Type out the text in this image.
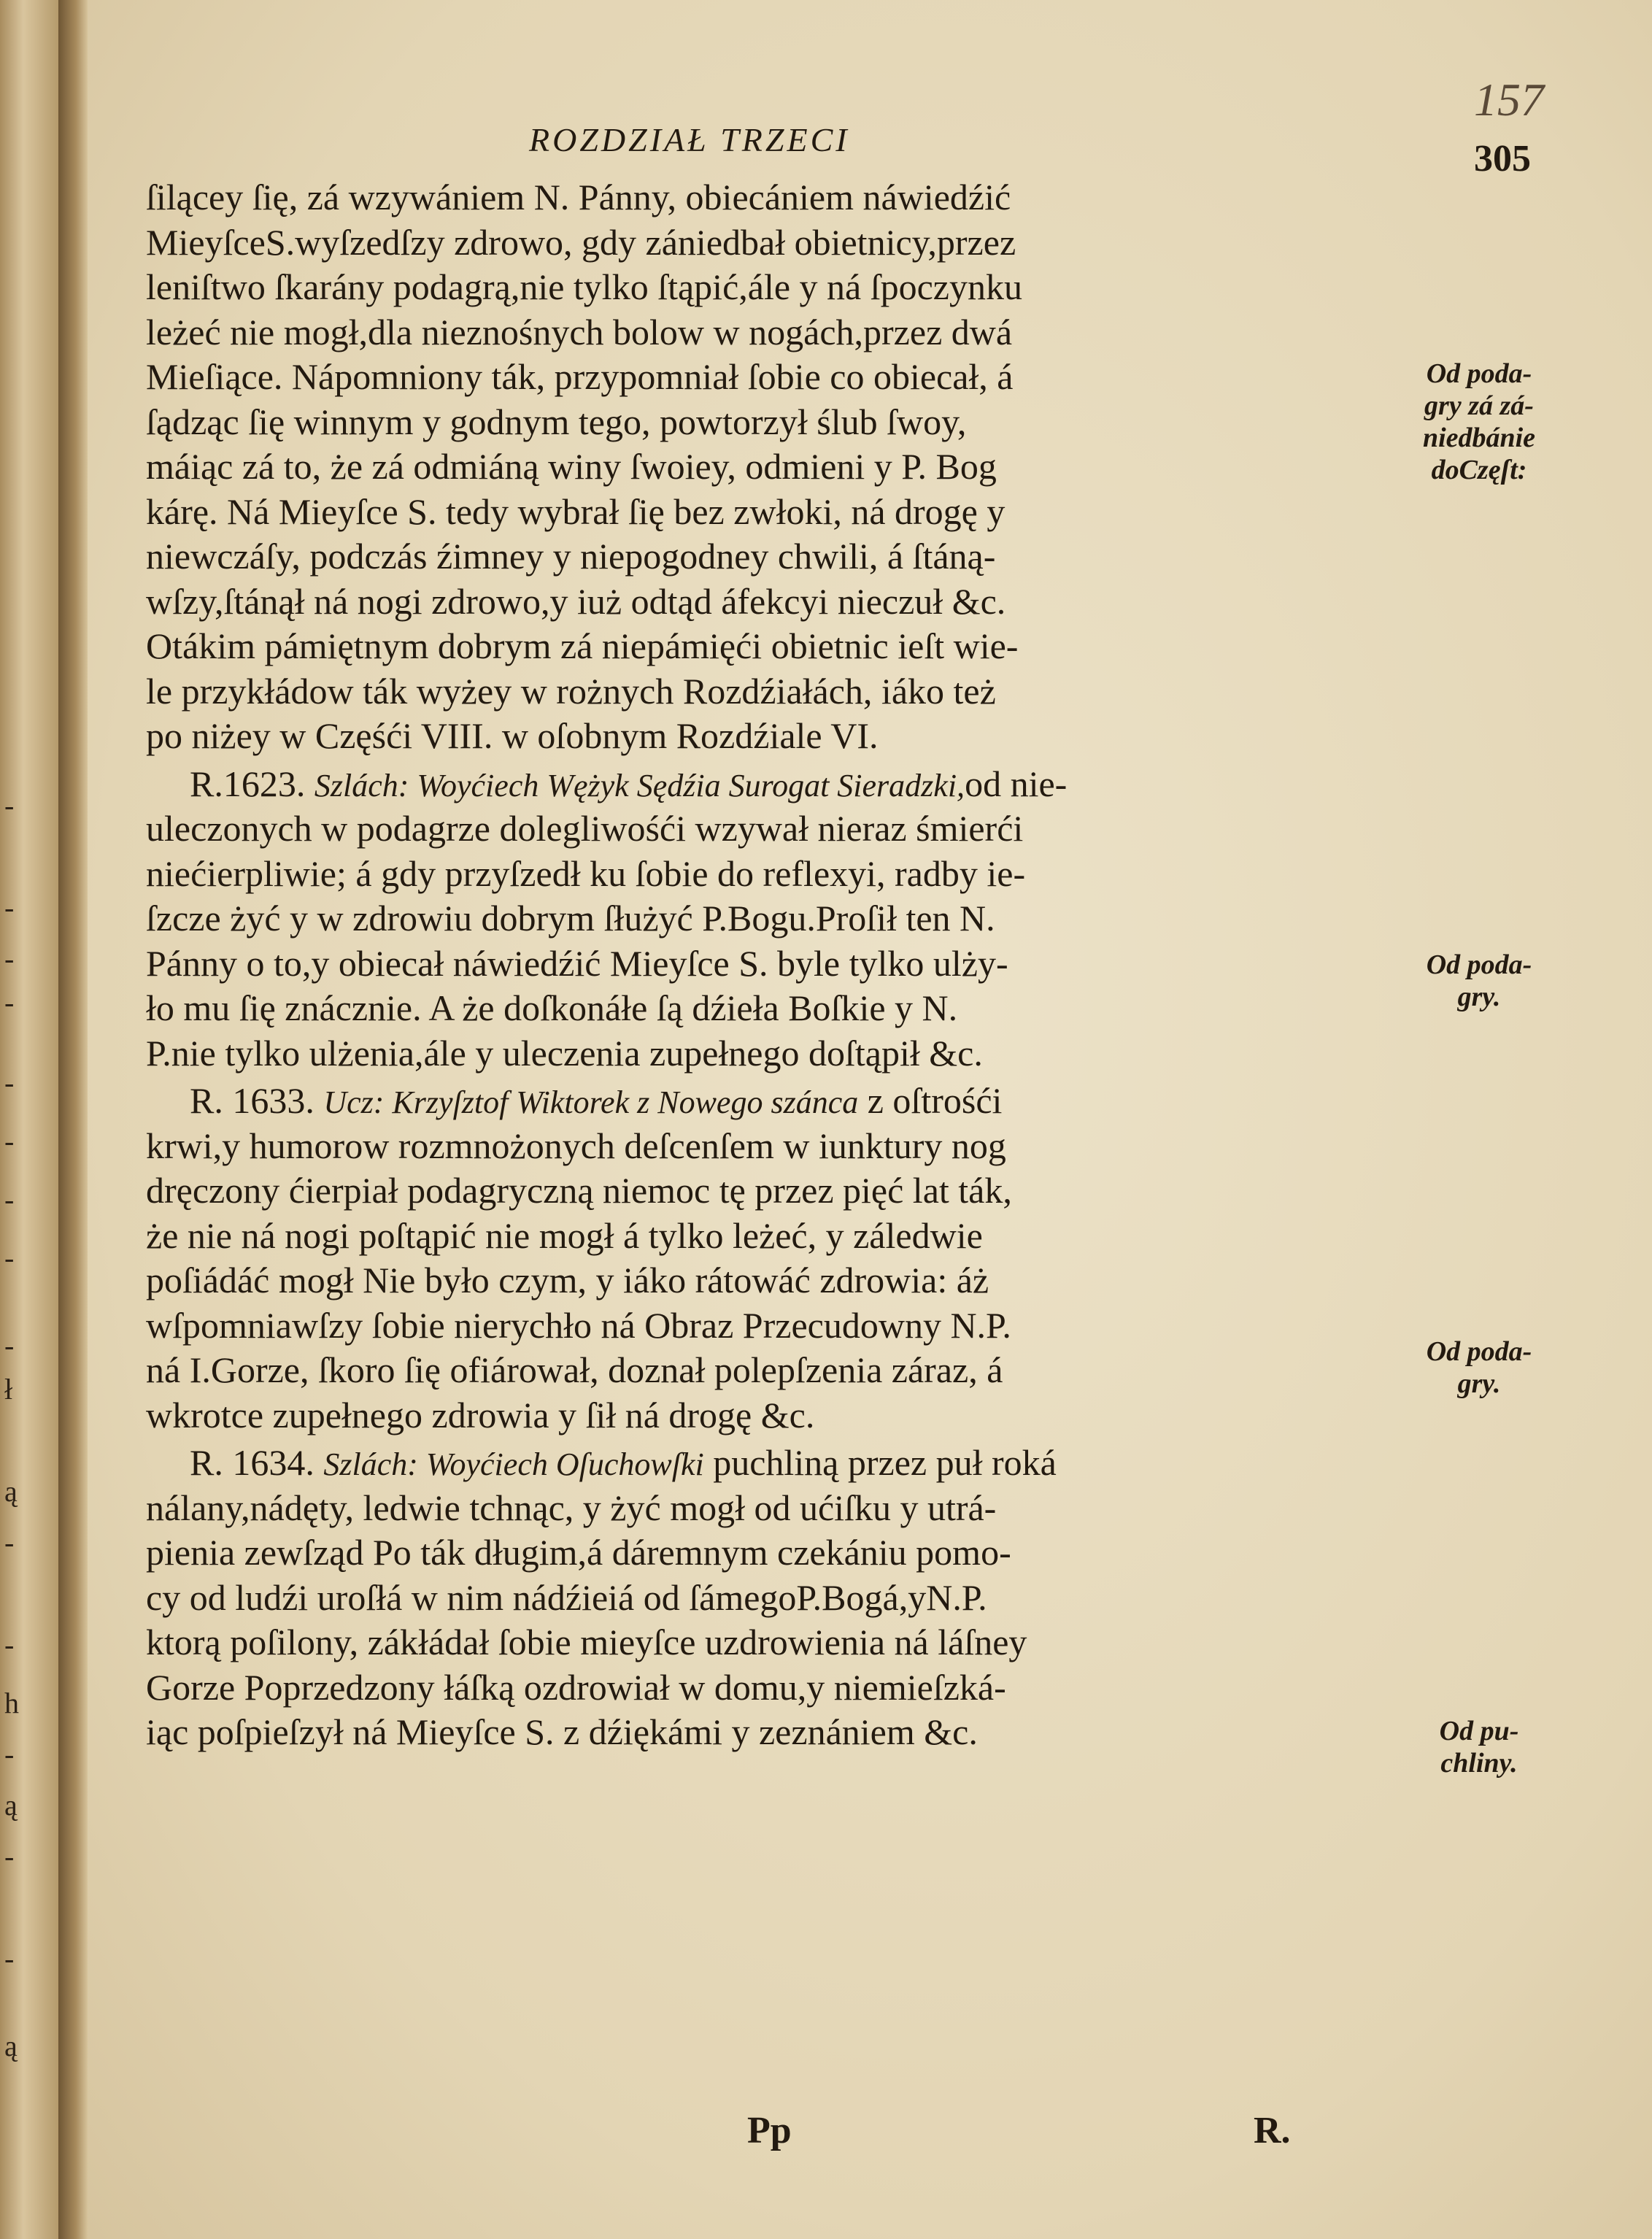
-
-
-
-
-
-
-
-
-
ł
ą
-
-
h
-
ą
-
-
ą
157
305
ROZDZIAŁ TRZECI
ſilącey ſię, zá wzywániem N. Pánny, obiecániem náwiedźić
MieyſceS.wyſzedſzy zdrowo, gdy zániedbał obietnicy,przez
leniſtwo ſkarány podagrą,nie tylko ſtąpić,ále y ná ſpoczynku
leżeć nie mogł,dla nieznośnych bolow w nogách,przez dwá
Mieſiące. Nápomniony ták, przypomniał ſobie co obiecał, á
ſądząc ſię winnym y godnym tego, powtorzył ślub ſwoy,
máiąc zá to, że zá odmiáną winy ſwoiey, odmieni y P. Bog
kárę. Ná Mieyſce S. tedy wybrał ſię bez zwłoki, ná drogę y
niewczáſy, podczás źimney y niepogodney chwili, á ſtáną-
wſzy,ſtánął ná nogi zdrowo,y iuż odtąd áfekcyi nieczuł &c.
Otákim pámiętnym dobrym zá niepámięći obietnic ieſt wie-
le przykłádow ták wyżey w rożnych Rozdźiałách, iáko też
po niżey w Częśći VIII. w oſobnym Rozdźiale VI.
R.1623. Szlách: Woyćiech Wężyk Sędźia Surogat Sieradzki,od nie-
uleczonych w podagrze dolegliwośći wzywał nieraz śmierći
niećierpliwie; á gdy przyſzedł ku ſobie do reflexyi, radby ie-
ſzcze żyć y w zdrowiu dobrym ſłużyć P.Bogu.Proſił ten N.
Pánny o to,y obiecał náwiedźić Mieyſce S. byle tylko ulży-
ło mu ſię znácznie. A że doſkonáłe ſą dźieła Boſkie y N.
P.nie tylko ulżenia,ále y uleczenia zupełnego doſtąpił &c.
R. 1633. Ucz: Krzyſztof Wiktorek z Nowego szánca z oſtrośći
krwi,y humorow rozmnożonych deſcenſem w iunktury nog
dręczony ćierpiał podagryczną niemoc tę przez pięć lat ták,
że nie ná nogi poſtąpić nie mogł á tylko leżeć, y záledwie
poſiádáć mogł Nie było czym, y iáko rátowáć zdrowia: áż
wſpomniawſzy ſobie nierychło ná Obraz Przecudowny N.P.
ná I.Gorze, ſkoro ſię ofiárował, doznał polepſzenia záraz, á
wkrotce zupełnego zdrowia y ſił ná drogę &c.
R. 1634. Szlách: Woyćiech Oſuchowſki puchliną przez puł roká
nálany,nádęty, ledwie tchnąc, y żyć mogł od ućiſku y utrá-
pienia zewſząd Po ták długim,á dáremnym czekániu pomo-
cy od ludźi uroſłá w nim nádźieiá od ſámegoP.Bogá,yN.P.
ktorą poſilony, zákłádał ſobie mieyſce uzdrowienia ná láſney
Gorze Poprzedzony łáſką ozdrowiał w domu,y niemieſzká-
iąc poſpieſzył ná Mieyſce S. z dźiękámi y zeznániem &c.
Od poda-
gry zá zá-
niedbánie
doCzęſt:
Od poda-
gry.
Od poda-
gry.
Od pu-
chliny.
Pp	R.
